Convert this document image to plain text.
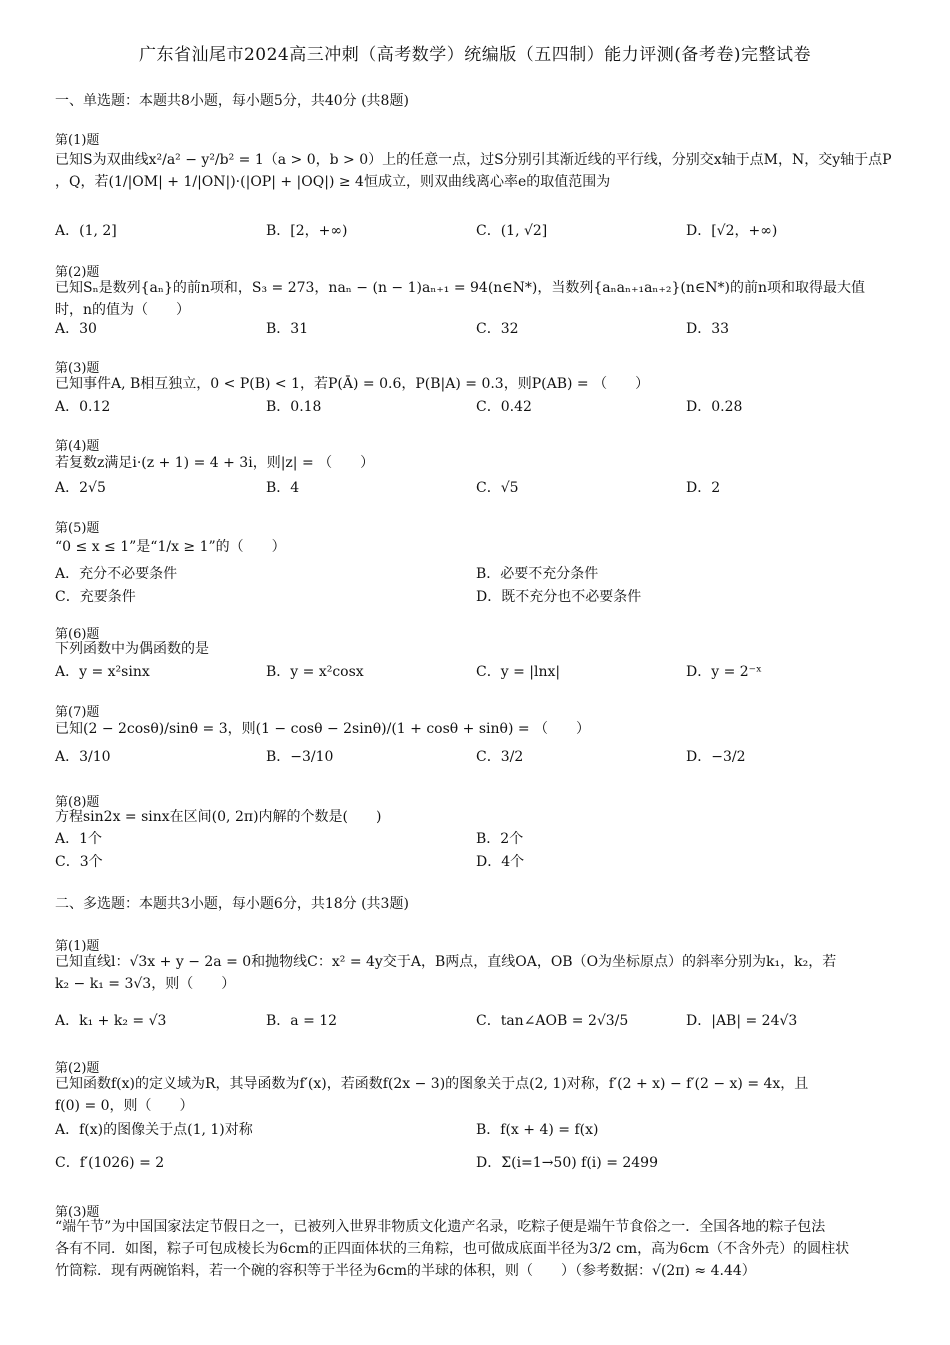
广东省汕尾市2024高三冲刺（高考数学）统编版（五四制）能力评测(备考卷)完整试卷
一、单选题：本题共8小题，每小题5分，共40分 (共8题)
第(1)题
已知S为双曲线x²/a² − y²/b² = 1（a > 0，b > 0）上的任意一点，过S分别引其渐近线的平行线，分别交x轴于点M，N，交y轴于点P
，Q，若(1/|OM| + 1/|ON|)·(|OP| + |OQ|) ≥ 4恒成立，则双曲线离心率e的取值范围为
A．(1, 2]	B．[2，+∞)	C．(1, √2]	D．[√2，+∞)
第(2)题
已知Sₙ是数列{aₙ}的前n项和，S₃ = 273，naₙ − (n − 1)aₙ₊₁ = 94(n∈N*)，当数列{aₙaₙ₊₁aₙ₊₂}(n∈N*)的前n项和取得最大值
时，n的值为（　　）
A．30	B．31	C．32	D．33
第(3)题
已知事件A, B相互独立，0 < P(B) < 1，若P(Ā) = 0.6，P(B|A) = 0.3，则P(AB) = （　　）
A．0.12	B．0.18	C．0.42	D．0.28
第(4)题
若复数z满足i·(z + 1) = 4 + 3i，则|z| = （　　）
A．2√5	B．4	C．√5	D．2
第(5)题
“0 ≤ x ≤ 1”是“1/x ≥ 1”的（　　）
A．充分不必要条件	B．必要不充分条件
C．充要条件	D．既不充分也不必要条件
第(6)题
下列函数中为偶函数的是
A．y = x²sinx	B．y = x²cosx	C．y = |lnx|	D．y = 2⁻ˣ
第(7)题
已知(2 − 2cosθ)/sinθ = 3，则(1 − cosθ − 2sinθ)/(1 + cosθ + sinθ) = （　　）
A．3/10	B．−3/10	C．3/2	D．−3/2
第(8)题
方程sin2x = sinx在区间(0, 2π)内解的个数是(　　)
A．1个	B．2个
C．3个	D．4个
二、多选题：本题共3小题，每小题6分，共18分 (共3题)
第(1)题
已知直线l：√3x + y − 2a = 0和抛物线C：x² = 4y交于A，B两点，直线OA，OB（O为坐标原点）的斜率分别为k₁，k₂，若
k₂ − k₁ = 3√3，则（　　）
A．k₁ + k₂ = √3	B．a = 12	C．tan∠AOB = 2√3/5	D．|AB| = 24√3
第(2)题
已知函数f(x)的定义域为R，其导函数为f′(x)，若函数f(2x − 3)的图象关于点(2, 1)对称，f′(2 + x) − f′(2 − x) = 4x，且
f(0) = 0，则（　　）
A．f(x)的图像关于点(1, 1)对称	B．f(x + 4) = f(x)
C．f′(1026) = 2	D．Σ(i=1→50) f(i) = 2499
第(3)题
“端午节”为中国国家法定节假日之一，已被列入世界非物质文化遗产名录，吃粽子便是端午节食俗之一．全国各地的粽子包法
各有不同．如图，粽子可包成棱长为6cm的正四面体状的三角粽，也可做成底面半径为3/2 cm，高为6cm（不含外壳）的圆柱状
竹筒粽．现有两碗馅料，若一个碗的容积等于半径为6cm的半球的体积，则（　　）（参考数据：√(2π) ≈ 4.44）
